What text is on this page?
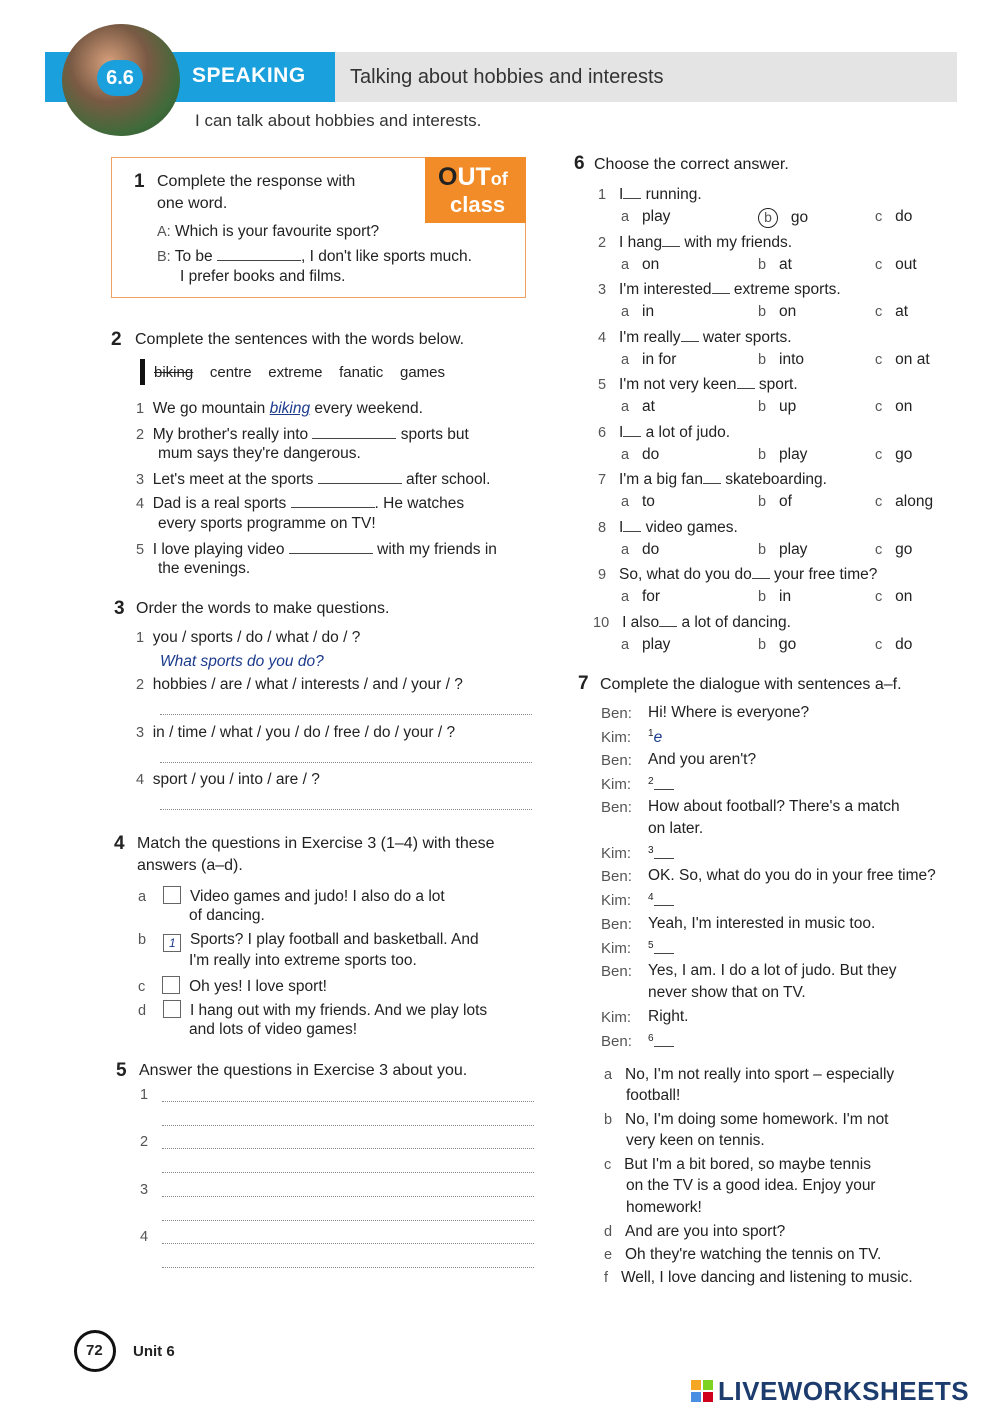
6.6	SPEAKING Talking about hobbies and interests
I can talk about hobbies and interests.
OUTof
class
1 Complete the response with
one word.
A: Which is your favourite sport?
B: To be	, I don't like sports much.
I prefer books and films.
2 Complete the sentences with the words below.
biking centre extreme fanatic games
1 We go mountain biking every weekend.
2 My brother's really into	sports but
mum says they're dangerous.
3 Let's meet at the sports	after school.
4 Dad is a real sports	. He watches
every sports programme on TV!
5 I love playing video	with my friends in
the evenings.
3 Order the words to make questions.
1 you / sports / do / what / do / ?
What sports do you do?
2 hobbies / are / what / interests / and / your / ?
3 in / time / what / you / do / free / do / your / ?
4 sport / you / into / are / ?
4 Match the questions in Exercise 3 (1–4) with these
answers (a–d).
a	Video games and judo! I also do a lot
of dancing.
b 1 Sports? I play football and basketball. And
I'm really into extreme sports too.
c	Oh yes! I love sport!
d	I hang out with my friends. And we play lots
and lots of video games!
5 Answer the questions in Exercise 3 about you.
1
2
3
4
6 Choose the correct answer.
1 I running.
a play	b go	c do
2 I hang with my friends.
a on	b at	c out
3 I'm interested extreme sports.
a in	b on	c at
4 I'm really water sports.
a in for	b into	c on at
5 I'm not very keen sport.
a at	b up	c on
6 I a lot of judo.
a do	b play	c go
7 I'm a big fan skateboarding.
a to	b of	c along
8 I video games.
a do	b play	c go
9 So, what do you do your free time?
a for	b in	c on
10 I also a lot of dancing.
a play	b go	c do
7 Complete the dialogue with sentences a–f.
Ben: Hi! Where is everyone?
Kim: $^1$e
Ben: And you aren't?
Kim: $^2$
Ben: How about football? There's a match
on later.
Kim: $^3$
Ben: OK. So, what do you do in your free time?
Kim: $^4$
Ben: Yeah, I'm interested in music too.
Kim: $^5$
Ben: Yes, I am. I do a lot of judo. But they
never show that on TV.
Kim: Right.
Ben: $^6$
a No, I'm not really into sport – especially
football!
b No, I'm doing some homework. I'm not
very keen on tennis.
c But I'm a bit bored, so maybe tennis
on the TV is a good idea. Enjoy your
homework!
d And are you into sport?
e Oh they're watching the tennis on TV.
f Well, I love dancing and listening to music.
72 Unit 6
LIVEWORKSHEETS
